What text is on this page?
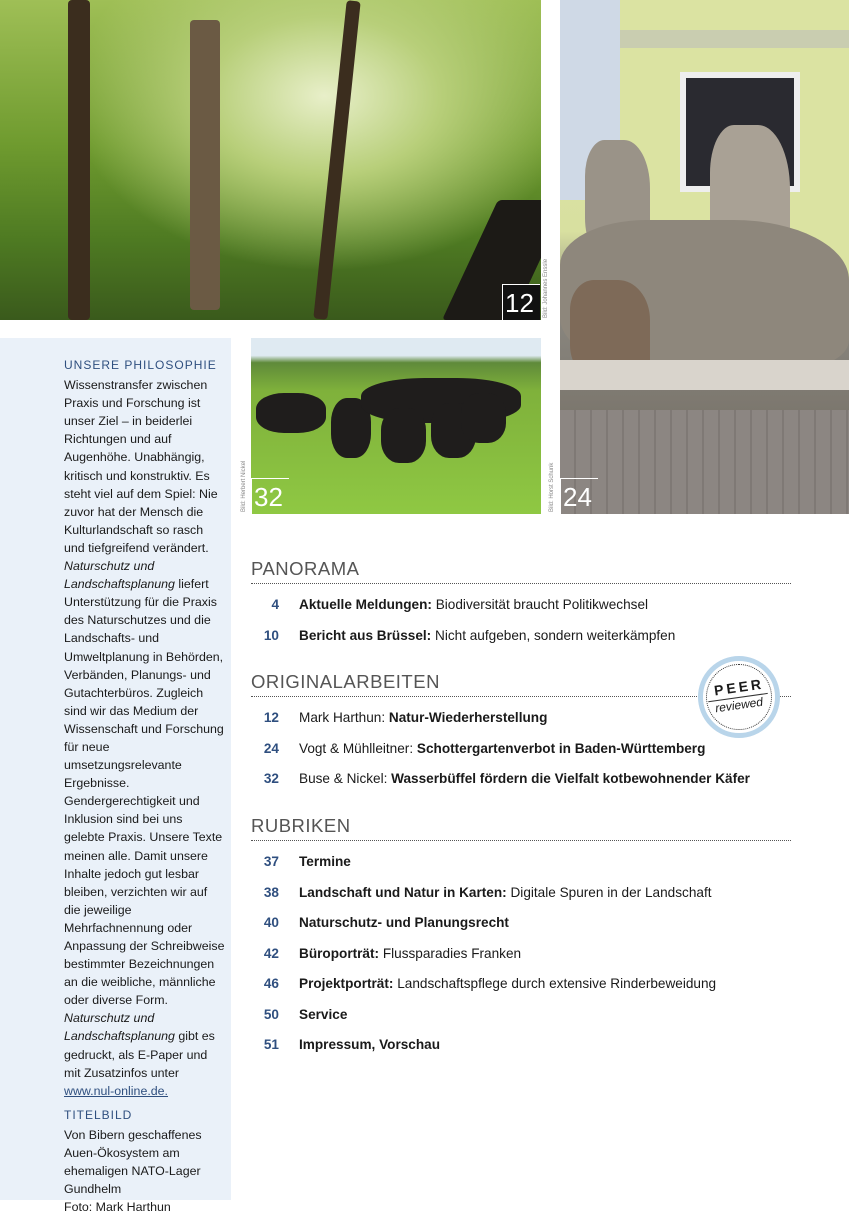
12	Bild: Johannes Enssle
24
Bild: Horst Schunk
32
Bild: Herbert Nickel
UNSERE PHILOSOPHIE

Wissenstransfer zwischen Praxis und Forschung ist unser Ziel – in beiderlei Richtungen und auf Augenhöhe. Unabhängig, kritisch und konstruktiv. Es steht viel auf dem Spiel: Nie zuvor hat der Mensch die Kulturlandschaft so rasch und tiefgreifend verändert. Naturschutz und Landschaftsplanung liefert Unterstützung für die Praxis des Naturschutzes und die Landschafts- und Umweltplanung in Behörden, Verbänden, Planungs- und Gutachterbüros. Zugleich sind wir das Medium der Wissenschaft und Forschung für neue umsetzungsrelevante Ergebnisse. Gendergerechtigkeit und Inklusion sind bei uns gelebte Praxis. Unsere Texte meinen alle. Damit unsere Inhalte jedoch gut lesbar bleiben, verzichten wir auf die jeweilige Mehrfachnennung oder Anpassung der Schreibweise bestimmter Bezeichnungen an die weibliche, männliche oder diverse Form. Naturschutz und Landschaftsplanung gibt es gedruckt, als E-Paper und mit Zusatzinfos unter www.nul-online.de.

TITELBILD

Von Bibern geschaffenes Auen-Ökosystem am ehemaligen NATO-Lager Gundhelm
Foto: Mark Harthun

PANORAMA
4 Aktuelle Meldungen: Biodiversität braucht Politikwechsel
10 Bericht aus Brüssel: Nicht aufgeben, sondern weiterkämpfen
ORIGINALARBEITEN
12 Mark Harthun: Natur-Wiederherstellung
24 Vogt & Mühlleitner: Schottergartenverbot in Baden-Württemberg
32 Buse & Nickel: Wasserbüffel fördern die Vielfalt kotbewohnender Käfer
RUBRIKEN
37 Termine
38 Landschaft und Natur in Karten: Digitale Spuren in der Landschaft
40 Naturschutz- und Planungsrecht
42 Büroporträt: Flussparadies Franken
46 Projektporträt: Landschaftspflege durch extensive Rinderbeweidung
50 Service
51 Impressum, Vorschau
PEER
reviewed
